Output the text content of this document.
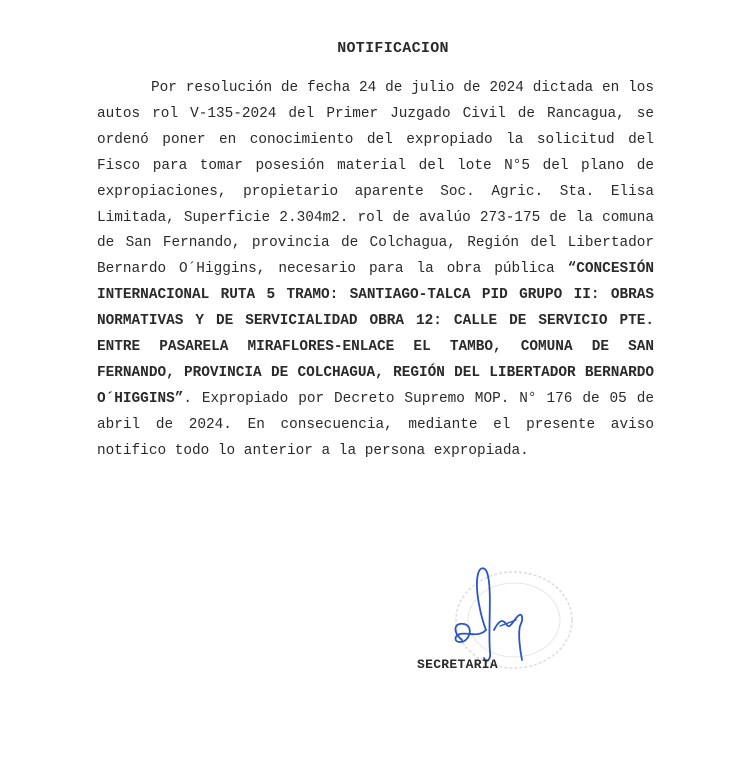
NOTIFICACION
Por resolución de fecha 24 de julio de 2024 dictada en los autos rol V-135-2024 del Primer Juzgado Civil de Rancagua, se ordenó poner en conocimiento del expropiado la solicitud del Fisco para tomar posesión material del lote N°5 del plano de expropiaciones, propietario aparente Soc. Agric. Sta. Elisa Limitada, Superficie 2.304m2. rol de avalúo 273-175 de la comuna de San Fernando, provincia de Colchagua, Región del Libertador Bernardo O´Higgins, necesario para la obra pública “CONCESIÓN INTERNACIONAL RUTA 5 TRAMO: SANTIAGO-TALCA PID GRUPO II: OBRAS NORMATIVAS Y DE SERVICIALIDAD OBRA 12: CALLE DE SERVICIO PTE. ENTRE PASARELA MIRAFLORES-ENLACE EL TAMBO, COMUNA DE SAN FERNANDO, PROVINCIA DE COLCHAGUA, REGIÓN DEL LIBERTADOR BERNARDO O´HIGGINS”. Expropiado por Decreto Supremo MOP. N° 176 de 05 de abril de 2024. En consecuencia, mediante el presente aviso notifico todo lo anterior a la persona expropiada.
SECRETARIA
